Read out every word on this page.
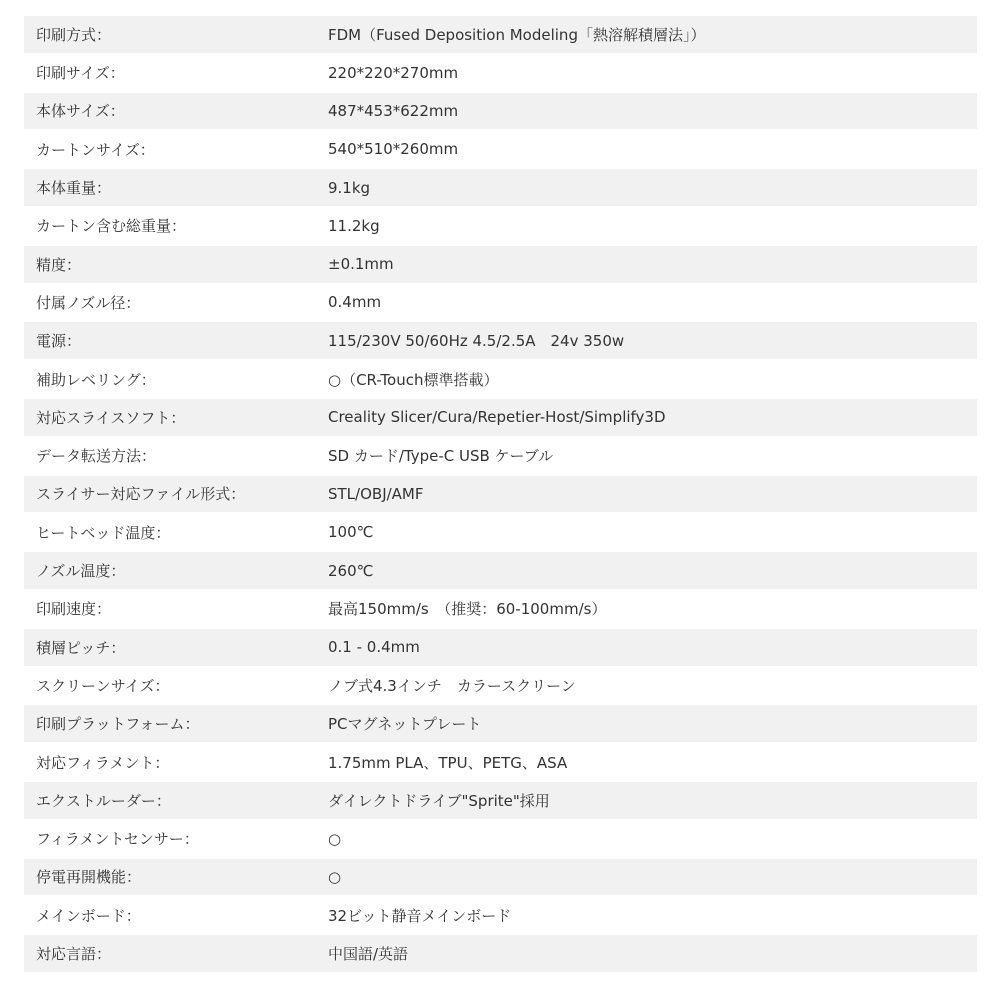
印刷方式：	FDM（Fused Deposition Modeling「熱溶解積層法」）
印刷サイズ：	220*220*270mm
本体サイズ：	487*453*622mm
カートンサイズ：	540*510*260mm
本体重量：	9.1kg
カートン含む総重量：	11.2kg
精度：	±0.1mm
付属ノズル径：	0.4mm
電源：	115/230V 50/60Hz 4.5/2.5A　24v 350w
補助レベリング：	○（CR-Touch標準搭載）
対応スライスソフト：	Creality Slicer/Cura/Repetier-Host/Simplify3D
データ転送方法：	SD カード/Type-C USB ケーブル
スライサー対応ファイル形式：	STL/OBJ/AMF
ヒートベッド温度：	100℃
ノズル温度：	260℃
印刷速度：	最高150mm/s　（推奨：60-100mm/s）
積層ピッチ：	0.1 - 0.4mm
スクリーンサイズ：	ノブ式4.3インチ　カラースクリーン
印刷プラットフォーム：	PCマグネットプレート
対応フィラメント：	1.75mm PLA、TPU、PETG、ASA
エクストルーダー：	ダイレクトドライブ"Sprite"採用
フィラメントセンサー：	○
停電再開機能：	○
メインボード：	32ビット静音メインボード
対応言語：	中国語/英語
